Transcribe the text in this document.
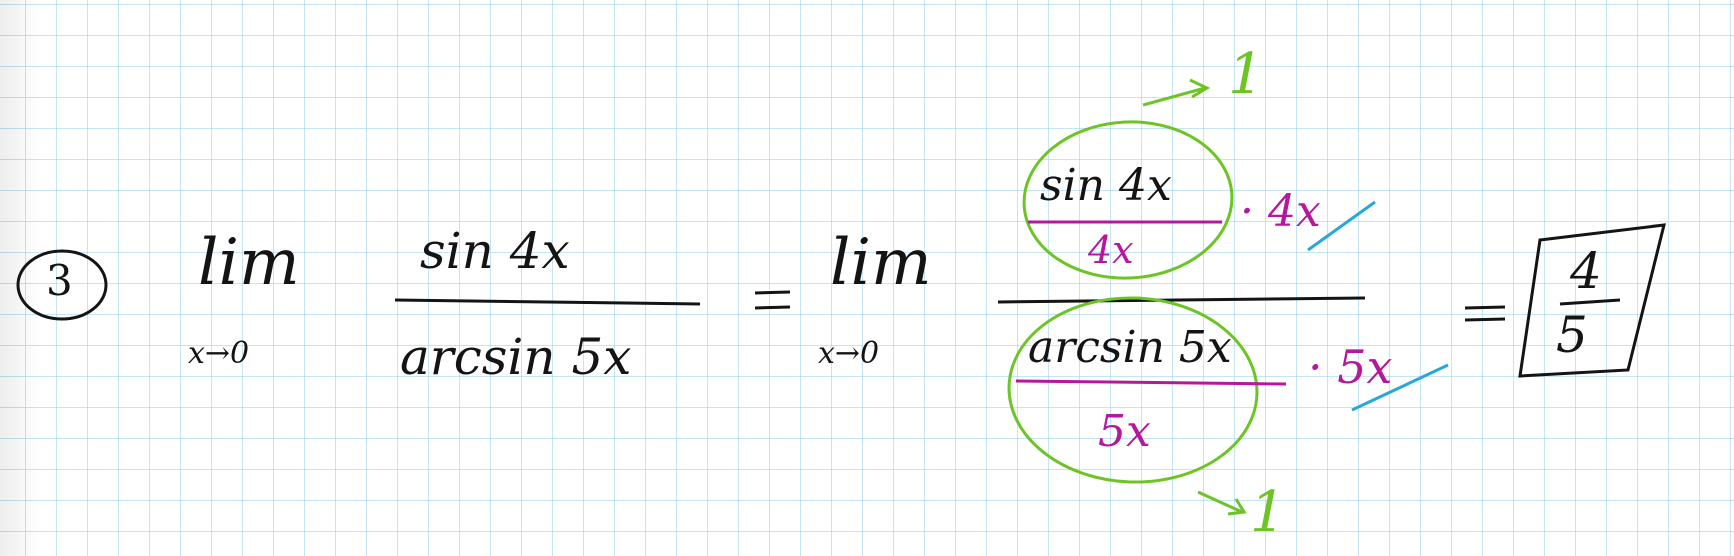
3 lim
x→0
sin 4x
arcsin 5x
lim
x→0
sin 4x
4x
1
· 4x
arcsin 5x
5x
1
· 5x
4
5
